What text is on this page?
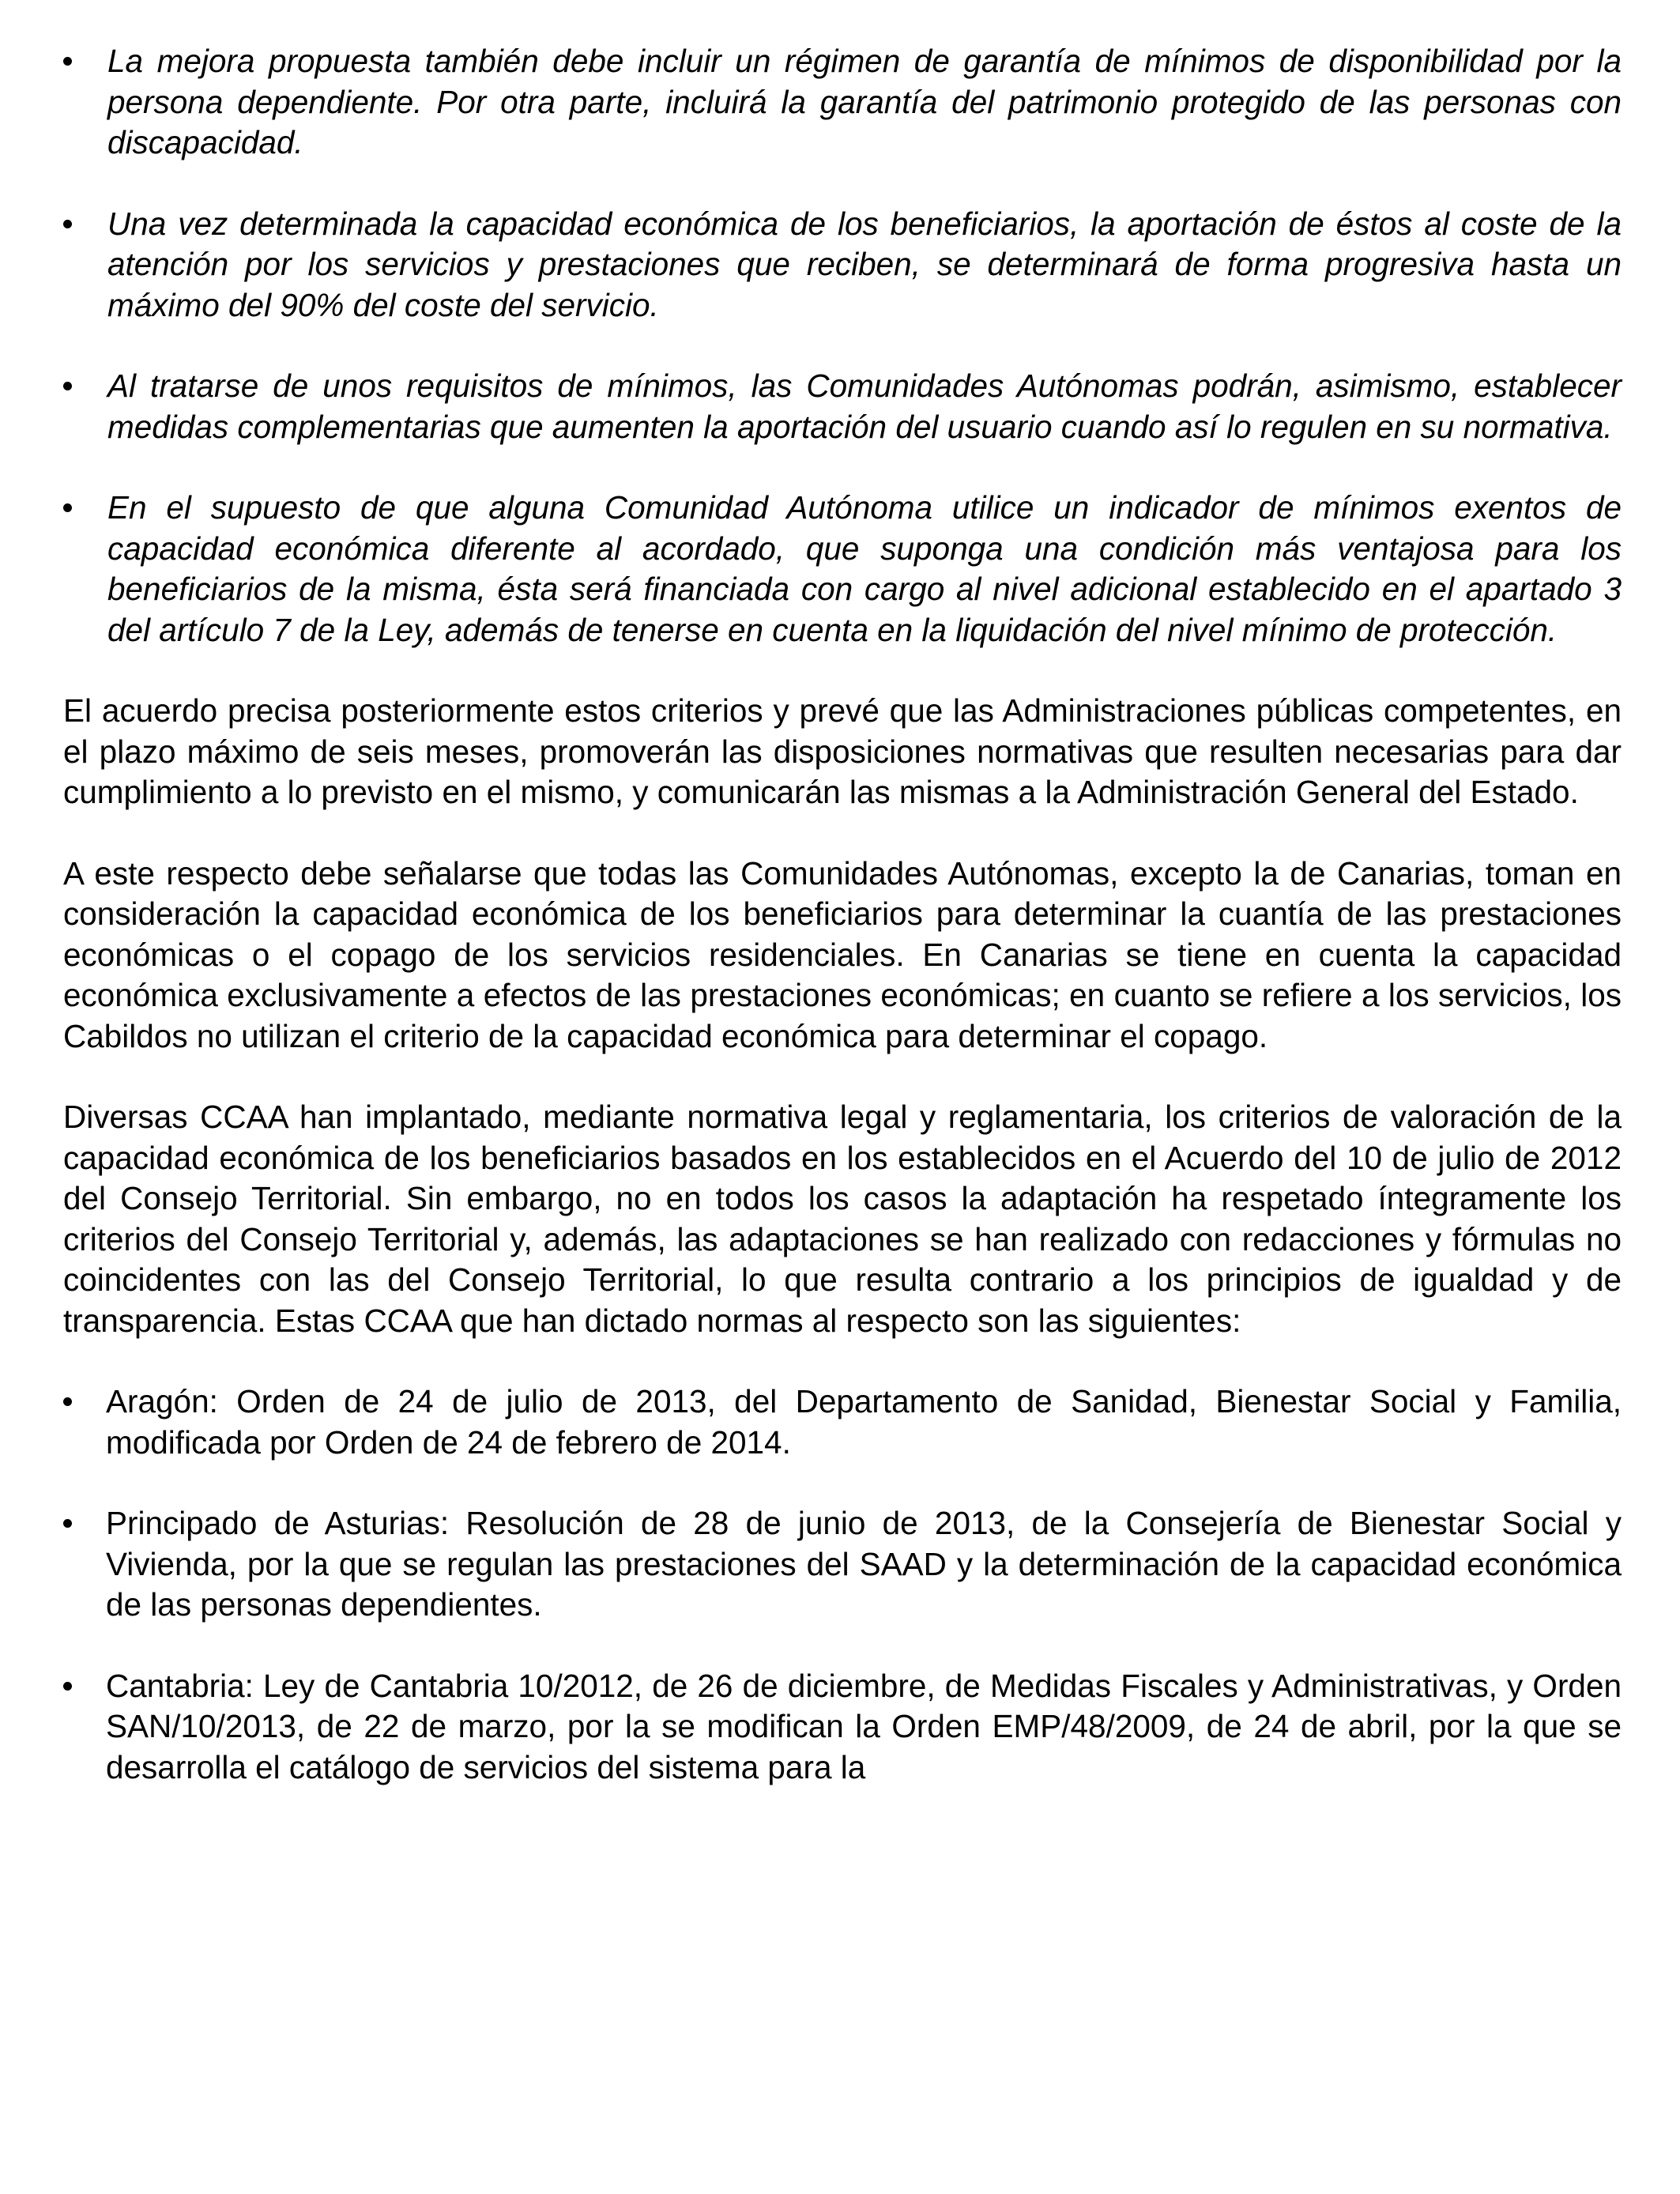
La mejora propuesta también debe incluir un régimen de garantía de mínimos de disponibilidad por la persona dependiente. Por otra parte, incluirá la garantía del patrimonio protegido de las personas con discapacidad.
Una vez determinada la capacidad económica de los beneficiarios, la aportación de éstos al coste de la atención por los servicios y prestaciones que reciben, se determinará de forma progresiva hasta un máximo del 90% del coste del servicio.
Al tratarse de unos requisitos de mínimos, las Comunidades Autónomas podrán, asimismo, establecer medidas complementarias que aumenten la aportación del usuario cuando así lo regulen en su normativa.
En el supuesto de que alguna Comunidad Autónoma utilice un indicador de mínimos exentos de capacidad económica diferente al acordado, que suponga una condición más ventajosa para los beneficiarios de la misma, ésta será financiada con cargo al nivel adicional establecido en el apartado 3 del artículo 7 de la Ley, además de tenerse en cuenta en la liquidación del nivel mínimo de protección.

El acuerdo precisa posteriormente estos criterios y prevé que las Administraciones públicas competentes, en el plazo máximo de seis meses, promoverán las disposiciones normativas que resulten necesarias para dar cumplimiento a lo previsto en el mismo, y comunicarán las mismas a la Administración General del Estado.

A este respecto debe señalarse que todas las Comunidades Autónomas, excepto la de Canarias, toman en consideración la capacidad económica de los beneficiarios para determinar la cuantía de las prestaciones económicas o el copago de los servicios residenciales. En Canarias se tiene en cuenta la capacidad económica exclusivamente a efectos de las prestaciones económicas; en cuanto se refiere a los servicios, los Cabildos no utilizan el criterio de la capacidad económica para determinar el copago.

Diversas CCAA han implantado, mediante normativa legal y reglamentaria, los criterios de valoración de la capacidad económica de los beneficiarios basados en los establecidos en el Acuerdo del 10 de julio de 2012 del Consejo Territorial. Sin embargo, no en todos los casos la adaptación ha respetado íntegramente los criterios del Consejo Territorial y, además, las adaptaciones se han realizado con redacciones y fórmulas no coincidentes con las del Consejo Territorial, lo que resulta contrario a los principios de igualdad y de transparencia. Estas CCAA que han dictado normas al respecto son las siguientes:

Aragón: Orden de 24 de julio de 2013, del Departamento de Sanidad, Bienestar Social y Familia, modificada por Orden de 24 de febrero de 2014.
Principado de Asturias: Resolución de 28 de junio de 2013, de la Consejería de Bienestar Social y Vivienda, por la que se regulan las prestaciones del SAAD y la determinación de la capacidad económica de las personas dependientes.
Cantabria: Ley de Cantabria 10/2012, de 26 de diciembre, de Medidas Fiscales y Administrativas, y Orden SAN/10/2013, de 22 de marzo, por la se modifican la Orden EMP/48/2009, de 24 de abril, por la que se desarrolla el catálogo de servicios del sistema para la
